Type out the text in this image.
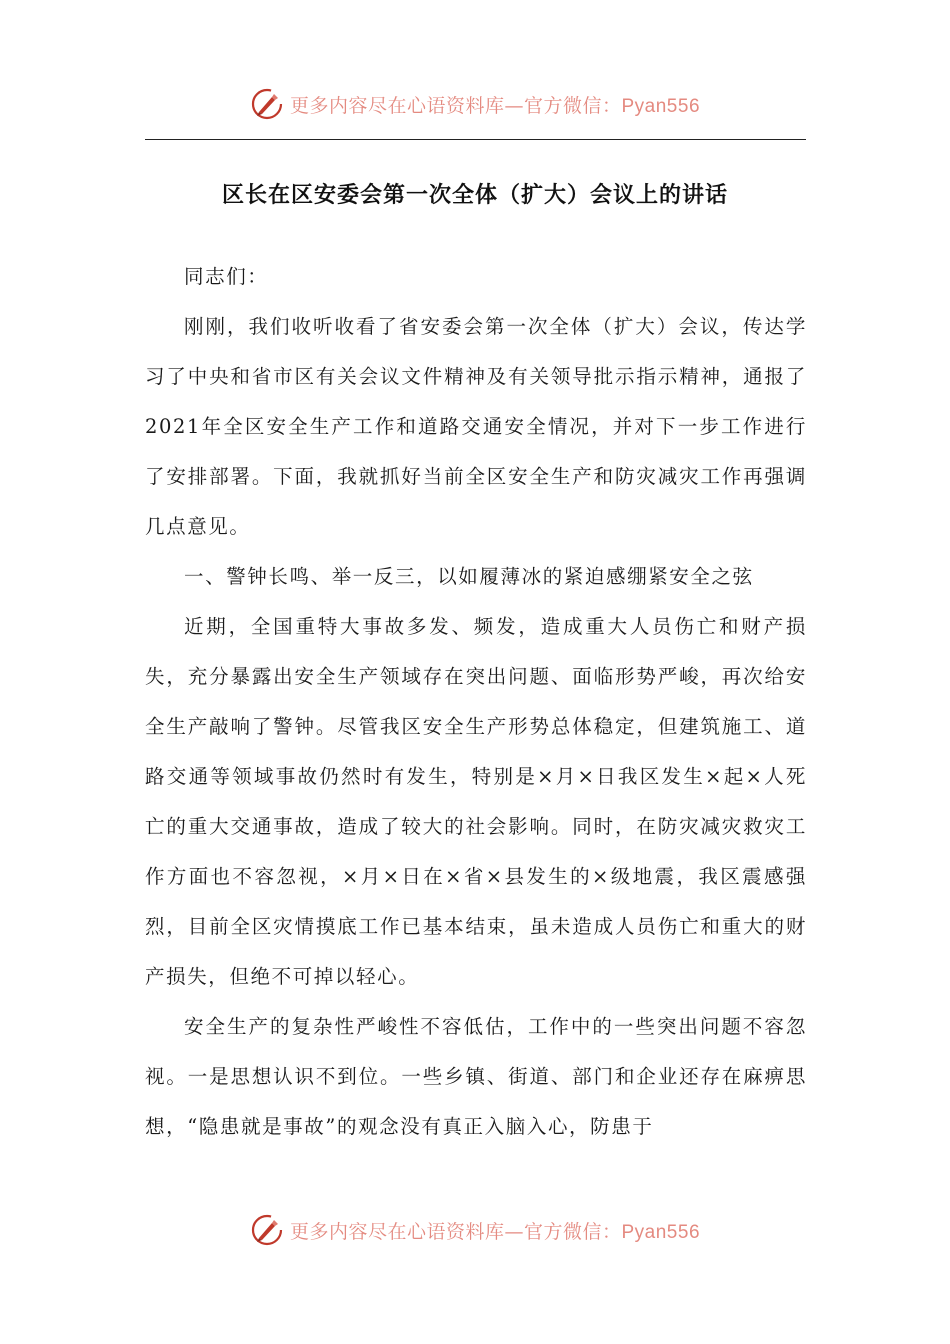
更多内容尽在心语资料库—官方微信：Pyan556
区长在区安委会第一次全体（扩大）会议上的讲话

同志们：

刚刚，我们收听收看了省安委会第一次全体（扩大）会议，传达学习了中央和省市区有关会议文件精神及有关领导批示指示精神，通报了2021年全区安全生产工作和道路交通安全情况，并对下一步工作进行了安排部署。下面，我就抓好当前全区安全生产和防灾减灾工作再强调几点意见。

一、警钟长鸣、举一反三，以如履薄冰的紧迫感绷紧安全之弦

近期，全国重特大事故多发、频发，造成重大人员伤亡和财产损失，充分暴露出安全生产领域存在突出问题、面临形势严峻，再次给安全生产敲响了警钟。尽管我区安全生产形势总体稳定，但建筑施工、道路交通等领域事故仍然时有发生，特别是×月×日我区发生×起×人死亡的重大交通事故，造成了较大的社会影响。同时，在防灾减灾救灾工作方面也不容忽视，×月×日在×省×县发生的×级地震，我区震感强烈，目前全区灾情摸底工作已基本结束，虽未造成人员伤亡和重大的财产损失，但绝不可掉以轻心。

安全生产的复杂性严峻性不容低估，工作中的一些突出问题不容忽视。一是思想认识不到位。一些乡镇、街道、部门和企业还存在麻痹思想，“隐患就是事故”的观念没有真正入脑入心，防患于

更多内容尽在心语资料库—官方微信：Pyan556
